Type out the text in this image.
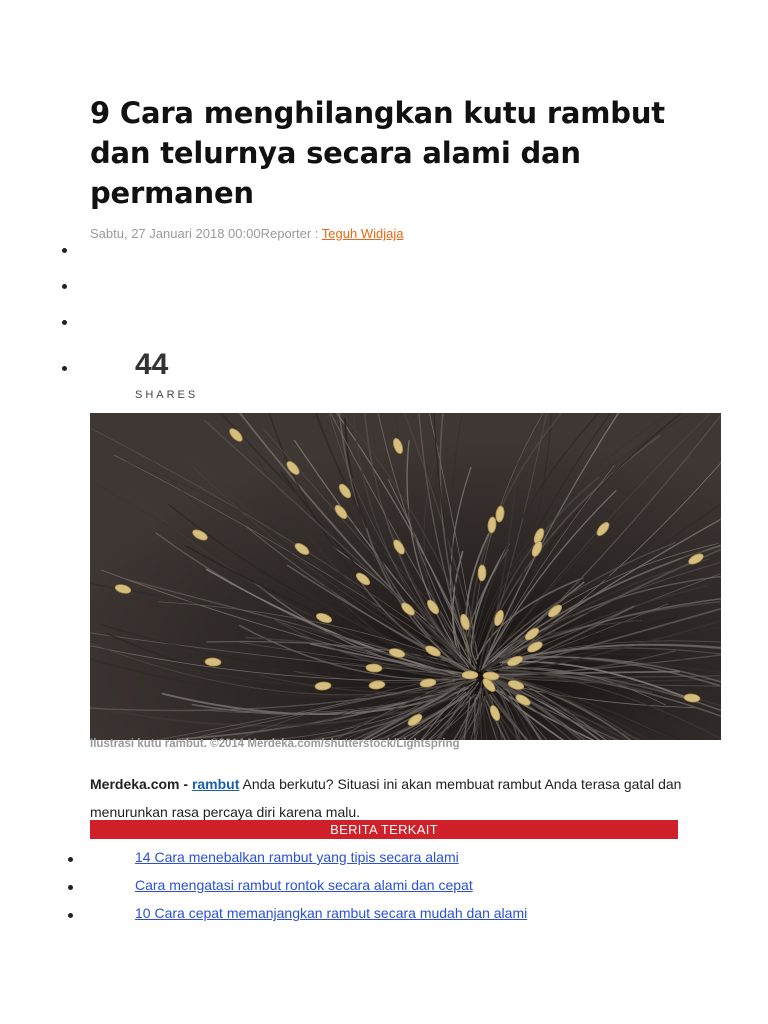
9 Cara menghilangkan kutu rambut dan telurnya secara alami dan permanen
Sabtu, 27 Januari 2018 00:00Reporter : Teguh Widjaja
44
SHARES
Ilustrasi kutu rambut. ©2014 Merdeka.com/shutterstock/Lightspring

Merdeka.com - rambut Anda berkutu? Situasi ini akan membuat rambut Anda terasa gatal dan menurunkan rasa percaya diri karena malu.

BERITA TERKAIT
14 Cara menebalkan rambut yang tipis secara alami
Cara mengatasi rambut rontok secara alami dan cepat
10 Cara cepat memanjangkan rambut secara mudah dan alami
